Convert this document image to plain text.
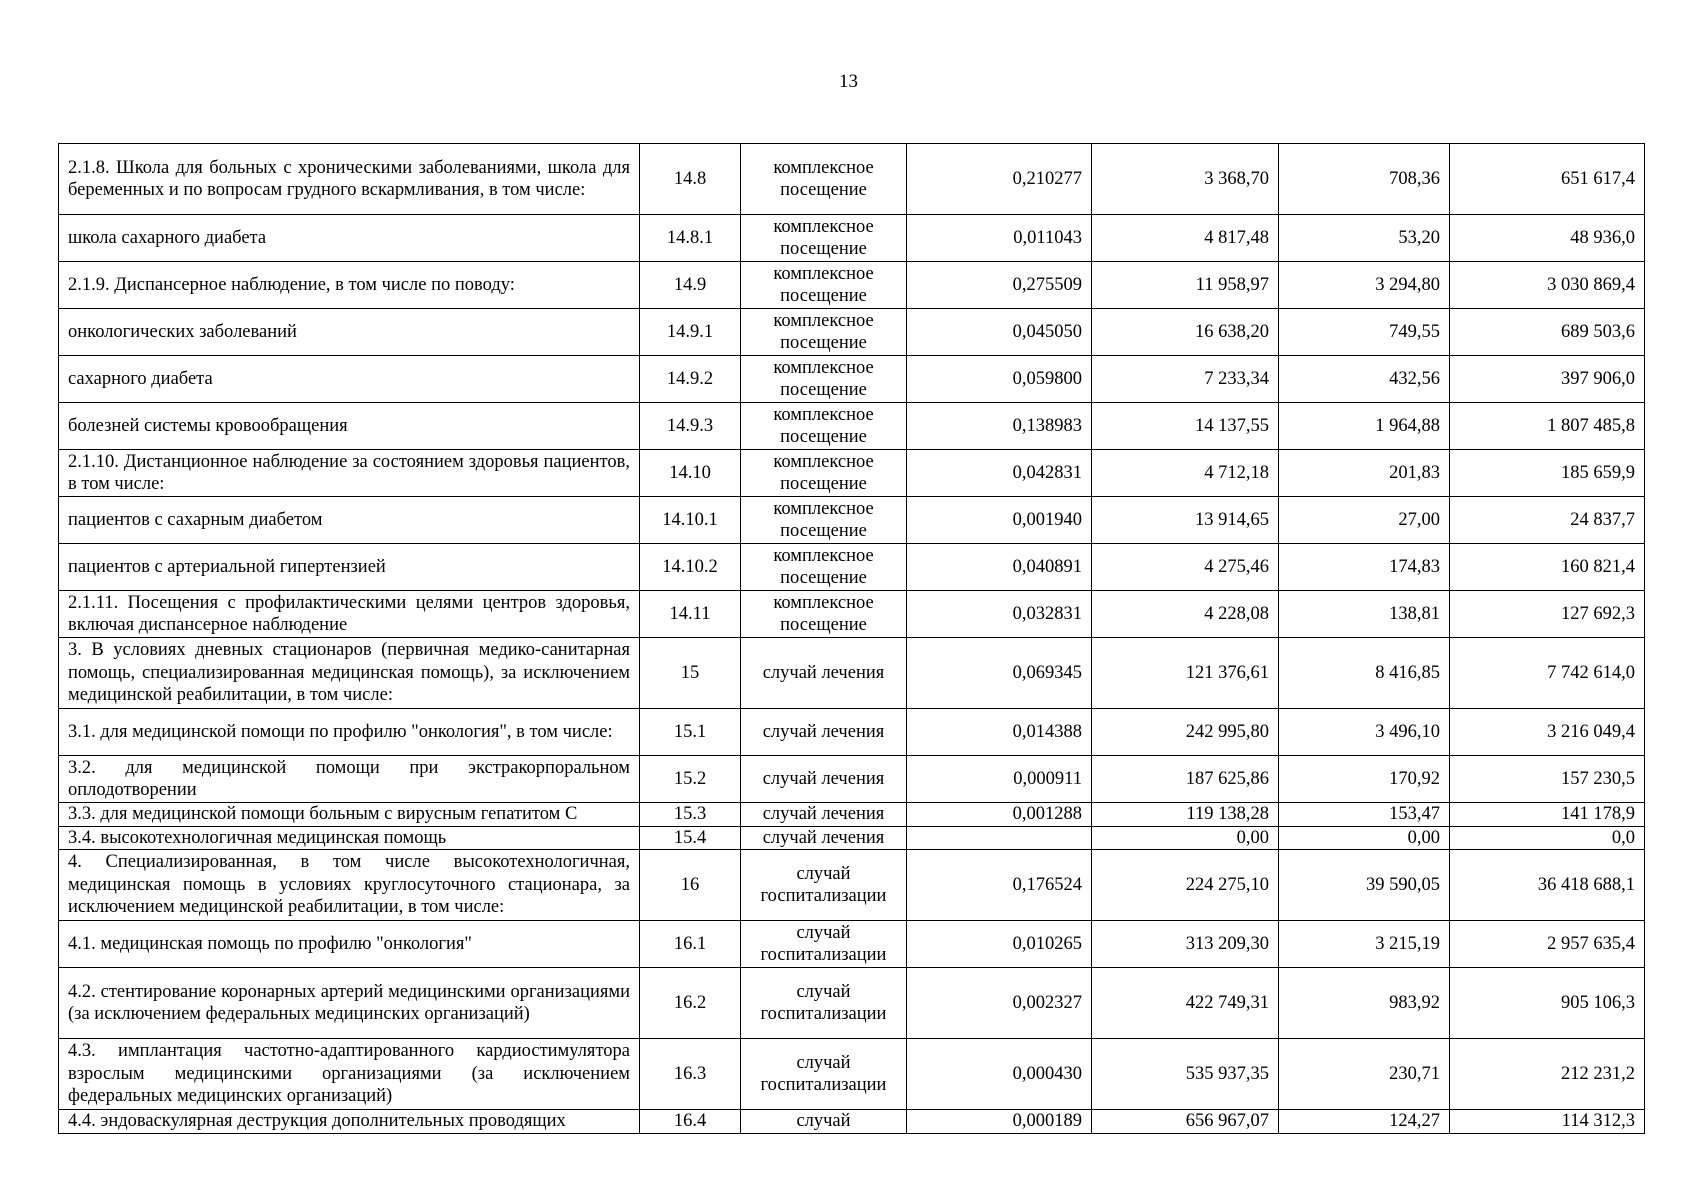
13
2.1.8. Школа для больных с хроническими заболеваниями, школа для беременных и по вопросам грудного вскармливания, в том числе:	14.8	комплексное посещение	0,210277	3 368,70	708,36	651 617,4
школа сахарного диабета	14.8.1	комплексное посещение	0,011043	4 817,48	53,20	48 936,0
2.1.9. Диспансерное наблюдение, в том числе по поводу:	14.9	комплексное посещение	0,275509	11 958,97	3 294,80	3 030 869,4
онкологических заболеваний	14.9.1	комплексное посещение	0,045050	16 638,20	749,55	689 503,6
сахарного диабета	14.9.2	комплексное посещение	0,059800	7 233,34	432,56	397 906,0
болезней системы кровообращения	14.9.3	комплексное посещение	0,138983	14 137,55	1 964,88	1 807 485,8
2.1.10. Дистанционное наблюдение за состоянием здоровья пациентов, в том числе:	14.10	комплексное посещение	0,042831	4 712,18	201,83	185 659,9
пациентов с сахарным диабетом	14.10.1	комплексное посещение	0,001940	13 914,65	27,00	24 837,7
пациентов с артериальной гипертензией	14.10.2	комплексное посещение	0,040891	4 275,46	174,83	160 821,4
2.1.11. Посещения с профилактическими целями центров здоровья, включая диспансерное наблюдение	14.11	комплексное посещение	0,032831	4 228,08	138,81	127 692,3
3. В условиях дневных стационаров (первичная медико-санитарная помощь, специализированная медицинская помощь), за исключением медицинской реабилитации, в том числе:	15	случай лечения	0,069345	121 376,61	8 416,85	7 742 614,0
3.1. для медицинской помощи по профилю "онкология", в том числе:	15.1	случай лечения	0,014388	242 995,80	3 496,10	3 216 049,4
3.2. для медицинской помощи при экстракорпоральном оплодотворении	15.2	случай лечения	0,000911	187 625,86	170,92	157 230,5
3.3. для медицинской помощи больным с вирусным гепатитом С	15.3	случай лечения	0,001288	119 138,28	153,47	141 178,9
3.4. высокотехнологичная медицинская помощь	15.4	случай лечения		0,00	0,00	0,0
4. Специализированная, в том числе высокотехнологичная, медицинская помощь в условиях круглосуточного стационара, за исключением медицинской реабилитации, в том числе:	16	случай госпитализации	0,176524	224 275,10	39 590,05	36 418 688,1
4.1. медицинская помощь по профилю "онкология"	16.1	случай госпитализации	0,010265	313 209,30	3 215,19	2 957 635,4
4.2. стентирование коронарных артерий медицинскими организациями (за исключением федеральных медицинских организаций)	16.2	случай госпитализации	0,002327	422 749,31	983,92	905 106,3
4.3. имплантация частотно-адаптированного кардиостимулятора взрослым медицинскими организациями (за исключением федеральных медицинских организаций)	16.3	случай госпитализации	0,000430	535 937,35	230,71	212 231,2
4.4. эндоваскулярная деструкция дополнительных проводящих	16.4	случай	0,000189	656 967,07	124,27	114 312,3
